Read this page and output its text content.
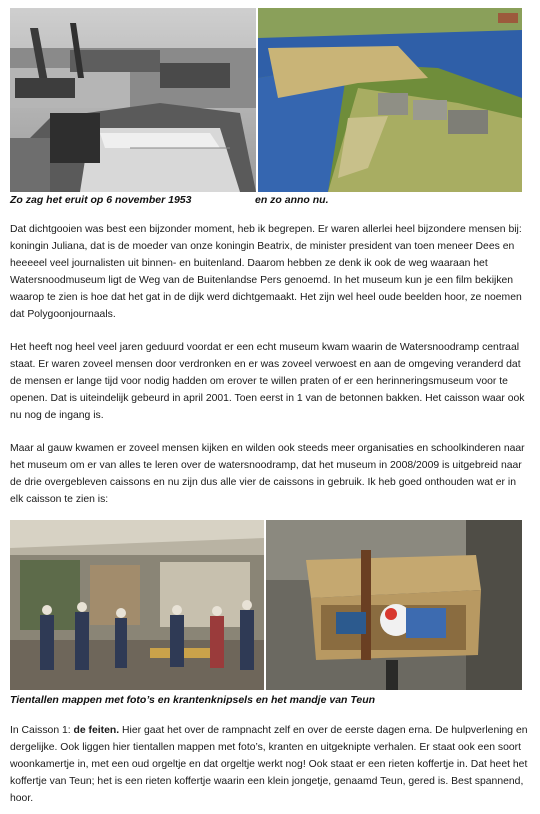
Zo zag het eruit op 6 november 1953	en zo anno nu.

Dat dichtgooien was best een bijzonder moment, heb ik begrepen. Er waren allerlei heel bijzondere mensen bij: koningin Juliana, dat is de moeder van onze koningin Beatrix, de minister president van toen meneer Dees en heeeeel veel journalisten uit binnen- en buitenland. Daarom hebben ze denk ik ook de weg waaraan het Watersnoodmuseum ligt de Weg van de Buitenlandse Pers genoemd. In het museum kun je een film bekijken waarop te zien is hoe dat het gat in de dijk werd dichtgemaakt. Het zijn wel heel oude beelden hoor, ze noemen dat Polygoonjournaals.

Het heeft nog heel veel jaren geduurd voordat er een echt museum kwam waarin de Watersnoodramp centraal staat. Er waren zoveel mensen door verdronken en er was zoveel verwoest en aan de omgeving veranderd dat de mensen er lange tijd voor nodig hadden om erover te willen praten of er een herinneringsmuseum voor te openen. Dat is uiteindelijk gebeurd in april 2001. Toen eerst in 1 van de betonnen bakken. Het caisson waar ook nu nog de ingang is.

Maar al gauw kwamen er zoveel mensen kijken en wilden ook steeds meer organisaties en schoolkinderen naar het museum om er van alles te leren over de watersnoodramp, dat het museum in 2008/2009 is uitgebreid naar de drie overgebleven caissons en nu zijn dus alle vier de caissons in gebruik. Ik heb goed onthouden wat er in elk caisson te zien is:

Tientallen mappen met foto’s en krantenknipsels en het mandje van Teun

In Caisson 1: de feiten. Hier gaat het over de rampnacht zelf en over de eerste dagen erna. De hulpverlening en dergelijke. Ook liggen hier tientallen mappen met foto’s, kranten en uitgeknipte verhalen. Er staat ook een soort woonkamertje in, met een oud orgeltje en dat orgeltje werkt nog! Ook staat er een rieten koffertje in. Dat heet het koffertje van Teun; het is een rieten koffertje waarin een klein jongetje, genaamd Teun, gered is. Best spannend, hoor.
